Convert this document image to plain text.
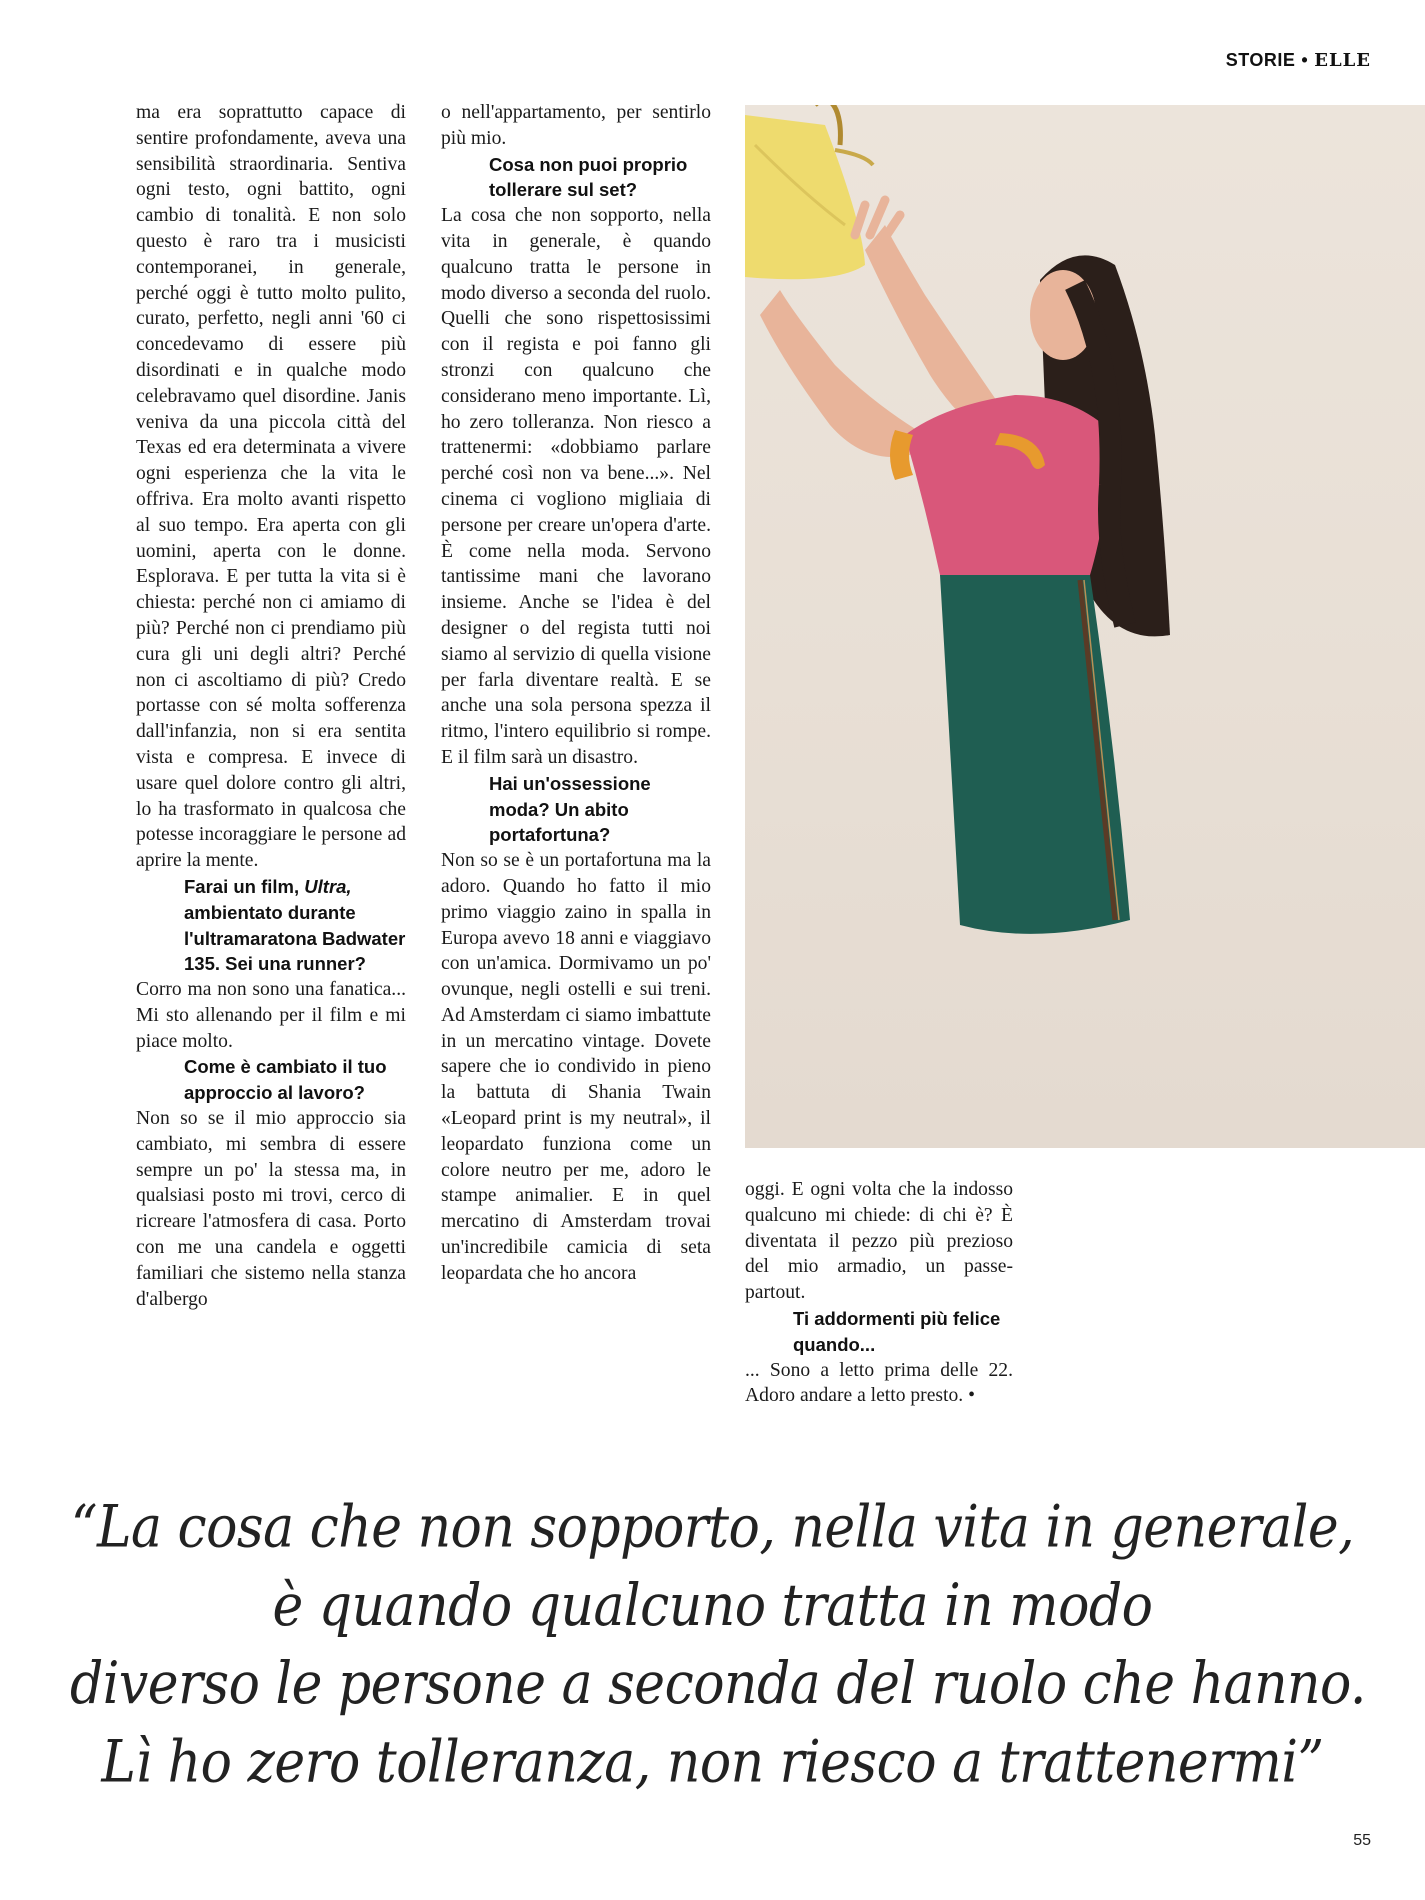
STORIE • ELLE

ma era soprattutto capace di sentire profondamente, aveva una sensibilità straordinaria. Sentiva ogni testo, ogni battito, ogni cambio di tonalità. E non solo questo è raro tra i musicisti contemporanei, in generale, perché oggi è tutto molto pulito, curato, perfetto, negli anni '60 ci concedevamo di essere più disordinati e in qualche modo celebravamo quel disordine. Janis veniva da una piccola città del Texas ed era determinata a vivere ogni esperienza che la vita le offriva. Era molto avanti rispetto al suo tempo. Era aperta con gli uomini, aperta con le donne. Esplorava. E per tutta la vita si è chiesta: perché non ci amiamo di più? Perché non ci prendiamo più cura gli uni degli altri? Perché non ci ascoltiamo di più? Credo portasse con sé molta sofferenza dall'infanzia, non si era sentita vista e compresa. E invece di usare quel dolore contro gli altri, lo ha trasformato in qualcosa che potesse incoraggiare le persone ad aprire la mente.

Farai un film, Ultra, ambientato durante l'ultramaratona Badwater 135. Sei una runner?

Corro ma non sono una fanatica... Mi sto allenando per il film e mi piace molto.

Come è cambiato il tuo approccio al lavoro?

Non so se il mio approccio sia cambiato, mi sembra di essere sempre un po' la stessa ma, in qualsiasi posto mi trovi, cerco di ricreare l'atmosfera di casa. Porto con me una candela e oggetti familiari che sistemo nella stanza d'albergo

o nell'appartamento, per sentirlo più mio.

Cosa non puoi proprio tollerare sul set?

La cosa che non sopporto, nella vita in generale, è quando qualcuno tratta le persone in modo diverso a seconda del ruolo. Quelli che sono rispettosissimi con il regista e poi fanno gli stronzi con qualcuno che considerano meno importante. Lì, ho zero tolleranza. Non riesco a trattenermi: «dobbiamo parlare perché così non va bene...». Nel cinema ci vogliono migliaia di persone per creare un'opera d'arte. È come nella moda. Servono tantissime mani che lavorano insieme. Anche se l'idea è del designer o del regista tutti noi siamo al servizio di quella visione per farla diventare realtà. E se anche una sola persona spezza il ritmo, l'intero equilibrio si rompe. E il film sarà un disastro.

Hai un'ossessione moda? Un abito portafortuna?

Non so se è un portafortuna ma la adoro. Quando ho fatto il mio primo viaggio zaino in spalla in Europa avevo 18 anni e viaggiavo con un'amica. Dormivamo un po' ovunque, negli ostelli e sui treni. Ad Amsterdam ci siamo imbattute in un mercatino vintage. Dovete sapere che io condivido in pieno la battuta di Shania Twain «Leopard print is my neutral», il leopardato funziona come un colore neutro per me, adoro le stampe animalier. E in quel mercatino di Amsterdam trovai un'incredibile camicia di seta leopardata che ho ancora

oggi. E ogni volta che la indosso qualcuno mi chiede: di chi è? È diventata il pezzo più prezioso del mio armadio, un passe-partout.

Ti addormenti più felice quando...

... Sono a letto prima delle 22. Adoro andare a letto presto. •

“La cosa che non sopporto, nella vita in generale,
è quando qualcuno tratta in modo
diverso le persone a seconda del ruolo che hanno.
Lì ho zero tolleranza, non riesco a trattenermi”
55
